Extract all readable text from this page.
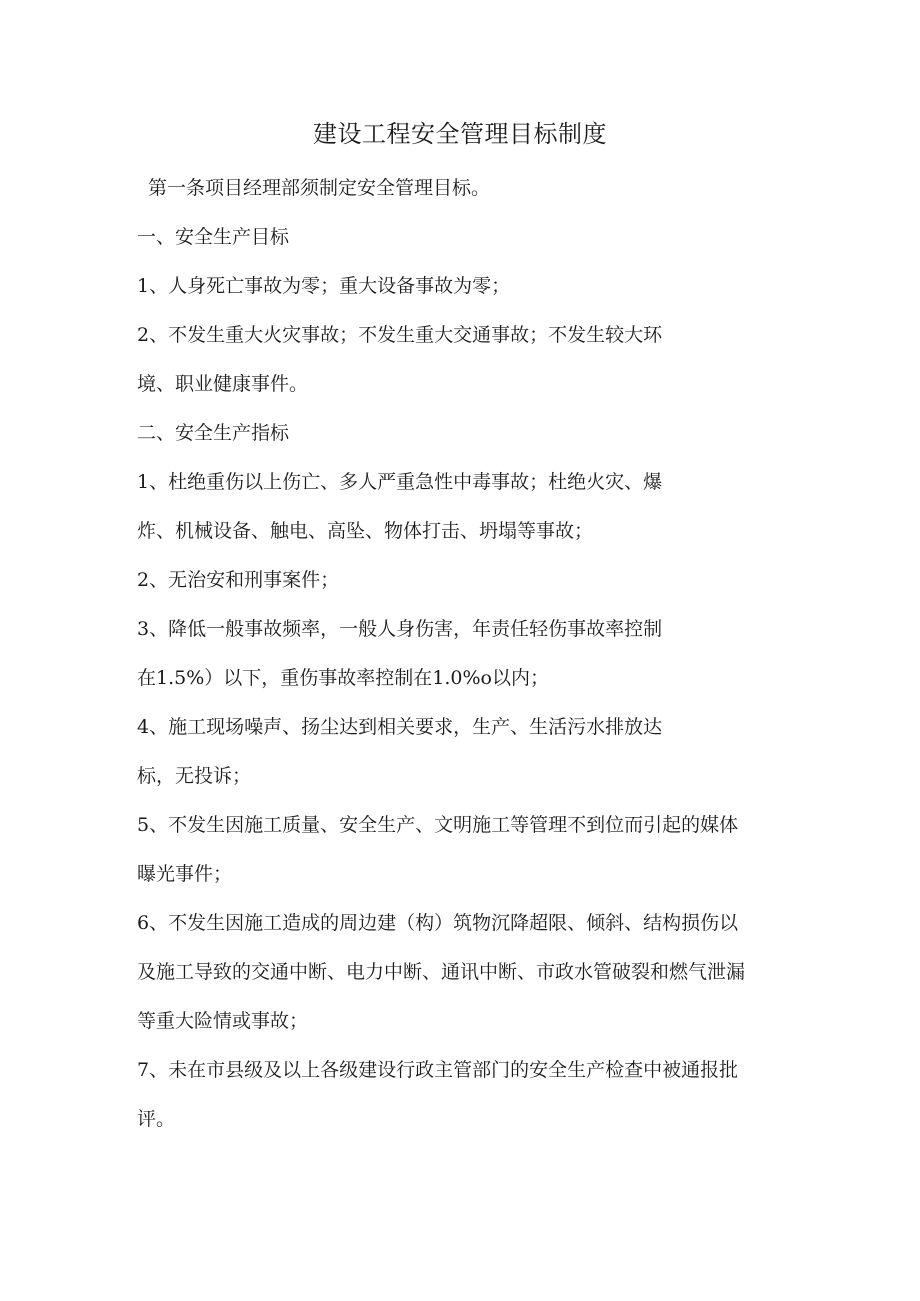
建设工程安全管理目标制度
第一条项目经理部须制定安全管理目标。
一、安全生产目标
1、人身死亡事故为零；重大设备事故为零；
2、不发生重大火灾事故；不发生重大交通事故；不发生较大环
境、职业健康事件。
二、安全生产指标
1、杜绝重伤以上伤亡、多人严重急性中毒事故；杜绝火灾、爆
炸、机械设备、触电、高坠、物体打击、坍塌等事故；
2、无治安和刑事案件；
3、降低一般事故频率，一般人身伤害，年责任轻伤事故率控制
在1.5%）以下，重伤事故率控制在1.0%o以内；
4、施工现场噪声、扬尘达到相关要求，生产、生活污水排放达
标，无投诉；
5、不发生因施工质量、安全生产、文明施工等管理不到位而引起的媒体
曝光事件；
6、不发生因施工造成的周边建（构）筑物沉降超限、倾斜、结构损伤以
及施工导致的交通中断、电力中断、通讯中断、市政水管破裂和燃气泄漏
等重大险情或事故；
7、未在市县级及以上各级建设行政主管部门的安全生产检查中被通报批
评。
